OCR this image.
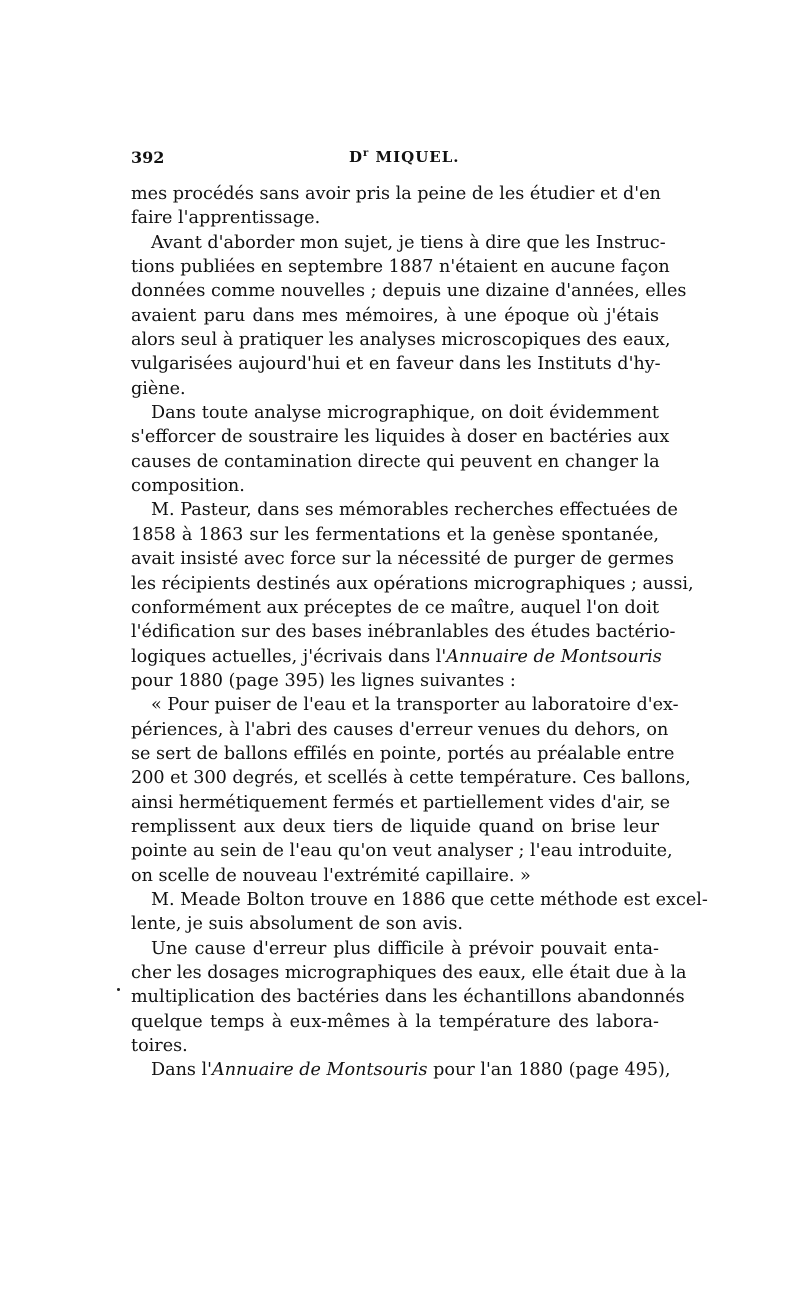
392	$D^r$ MIQUEL.
mes procédés sans avoir pris la peine de les étudier et d'en
faire l'apprentissage.
Avant d'aborder mon sujet, je tiens à dire que les Instruc-
tions publiées en septembre 1887 n'étaient en aucune façon
données comme nouvelles ; depuis une dizaine d'années, elles
avaient paru dans mes mémoires, à une époque où j'étais
alors seul à pratiquer les analyses microscopiques des eaux,
vulgarisées aujourd'hui et en faveur dans les Instituts d'hy-
giène.
Dans toute analyse micrographique, on doit évidemment
s'efforcer de soustraire les liquides à doser en bactéries aux
causes de contamination directe qui peuvent en changer la
composition.
M. Pasteur, dans ses mémorables recherches effectuées de
1858 à 1863 sur les fermentations et la genèse spontanée,
avait insisté avec force sur la nécessité de purger de germes
les récipients destinés aux opérations micrographiques ; aussi,
conformément aux préceptes de ce maître, auquel l'on doit
l'édification sur des bases inébranlables des études bactério-
logiques actuelles, j'écrivais dans l'Annuaire de Montsouris
pour 1880 (page 395) les lignes suivantes :
« Pour puiser de l'eau et la transporter au laboratoire d'ex-
périences, à l'abri des causes d'erreur venues du dehors, on
se sert de ballons effilés en pointe, portés au préalable entre
200 et 300 degrés, et scellés à cette température. Ces ballons,
ainsi hermétiquement fermés et partiellement vides d'air, se
remplissent aux deux tiers de liquide quand on brise leur
pointe au sein de l'eau qu'on veut analyser ; l'eau introduite,
on scelle de nouveau l'extrémité capillaire. »
M. Meade Bolton trouve en 1886 que cette méthode est excel-
lente, je suis absolument de son avis.
Une cause d'erreur plus difficile à prévoir pouvait enta-
cher les dosages micrographiques des eaux, elle était due à la
multiplication des bactéries dans les échantillons abandonnés
quelque temps à eux-mêmes à la température des labora-
toires.
Dans l'Annuaire de Montsouris pour l'an 1880 (page 495),
